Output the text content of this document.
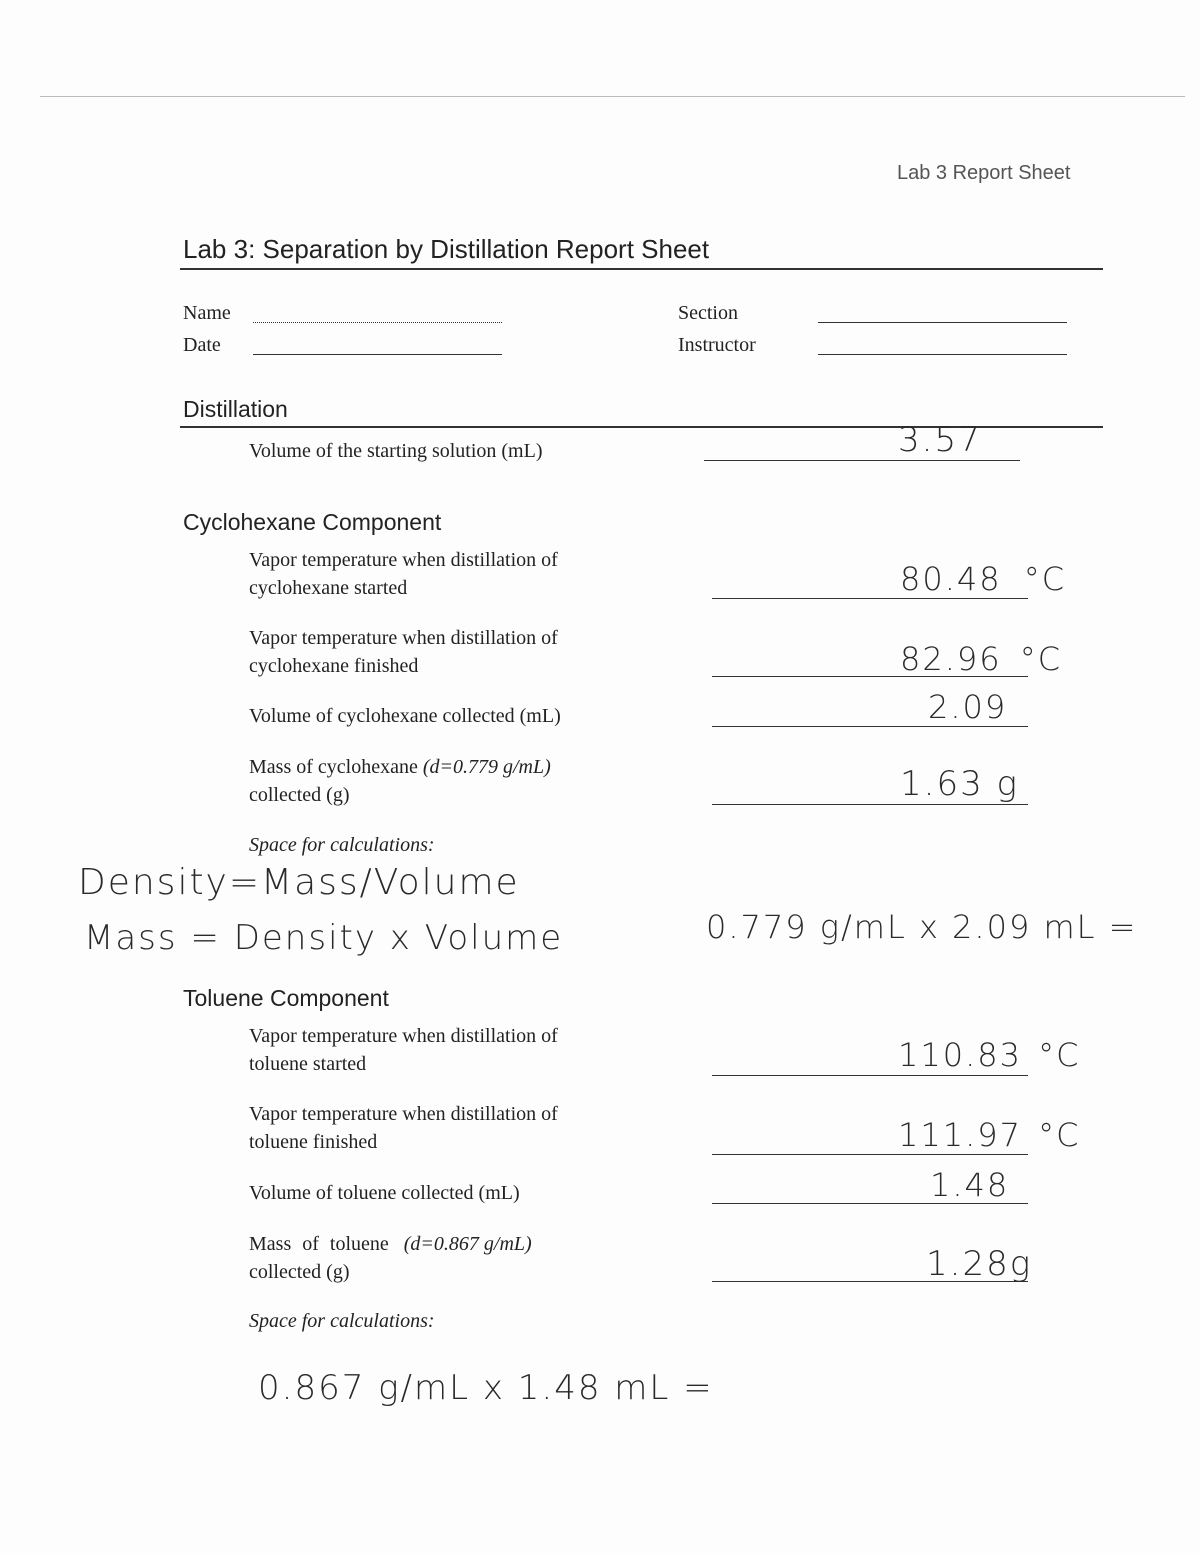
Lab 3 Report Sheet
Lab 3: Separation by Distillation Report Sheet
Name	Section
Date	Instructor
Distillation
Volume of the starting solution (mL)	3.57
Cyclohexane Component
Vapor temperature when distillation of
cyclohexane started	80.48 °C
Vapor temperature when distillation of
cyclohexane finished	82.96 °C
Volume of cyclohexane collected (mL)	2.09
Mass of cyclohexane (d=0.779 g/mL)
collected (g)	1.63 g
Space for calculations:
Density=Mass/Volume
Mass = Density x Volume	0.779 g/mL x 2.09 mL =
Toluene Component
Vapor temperature when distillation of
toluene started	110.83 °C
Vapor temperature when distillation of
toluene finished	111.97 °C
Volume of toluene collected (mL)	1.48
Mass of toluene (d=0.867 g/mL)
collected (g)	1.28g
Space for calculations:
0.867 g/mL x 1.48 mL =
